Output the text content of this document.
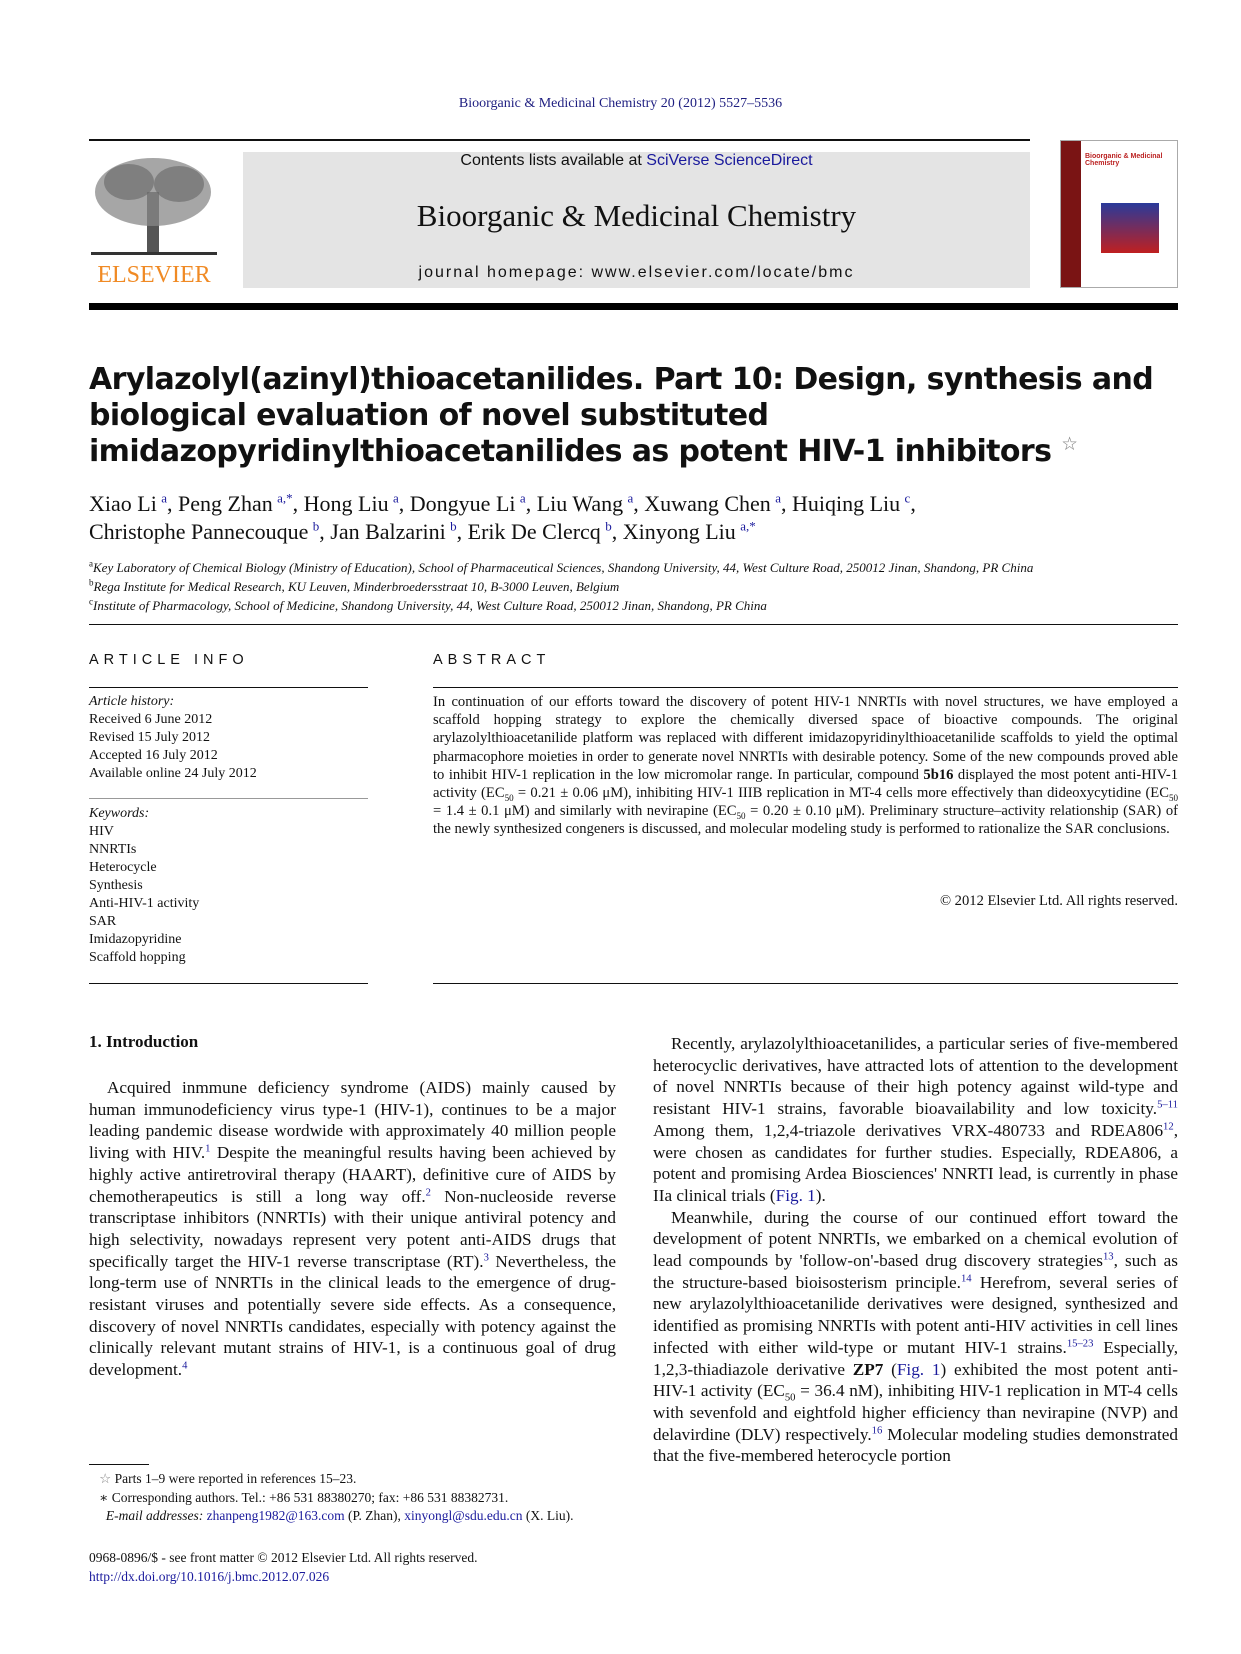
Bioorganic & Medicinal Chemistry 20 (2012) 5527–5536
ELSEVIER
Contents lists available at SciVerse ScienceDirect
Bioorganic & Medicinal Chemistry
journal homepage: www.elsevier.com/locate/bmc
Bioorganic & Medicinal Chemistry
Arylazolyl(azinyl)thioacetanilides. Part 10: Design, synthesis and biological evaluation of novel substituted imidazopyridinylthioacetanilides as potent HIV-1 inhibitors ☆
Xiao Li  $^a$, Peng Zhan  $^{a,*}$, Hong Liu  $^a$, Dongyue Li  $^a$, Liu Wang  $^a$, Xuwang Chen  $^a$, Huiqing Liu  $^c$,
Christophe Pannecouque  $^b$, Jan Balzarini  $^b$, Erik De Clercq  $^b$, Xinyong Liu  $^{a,*}$
$^a$Key Laboratory of Chemical Biology (Ministry of Education), School of Pharmaceutical Sciences, Shandong University, 44, West Culture Road, 250012 Jinan, Shandong, PR China
$^b$Rega Institute for Medical Research, KU Leuven, Minderbroedersstraat 10, B-3000 Leuven, Belgium
$^c$Institute of Pharmacology, School of Medicine, Shandong University, 44, West Culture Road, 250012 Jinan, Shandong, PR China
ARTICLE INFO	ABSTRACT
Article history:
Received 6 June 2012
Revised 15 July 2012
Accepted 16 July 2012
Available online 24 July 2012
Keywords:
HIV
NNRTIs
Heterocycle
Synthesis
Anti-HIV-1 activity
SAR
Imidazopyridine
Scaffold hopping
In continuation of our efforts toward the discovery of potent HIV-1 NNRTIs with novel structures, we have employed a scaffold hopping strategy to explore the chemically diversed space of bioactive compounds. The original arylazolylthioacetanilide platform was replaced with different imidazopyridinylthioacetanilide scaffolds to yield the optimal pharmacophore moieties in order to generate novel NNRTIs with desirable potency. Some of the new compounds proved able to inhibit HIV-1 replication in the low micromolar range. In particular, compound 5b16 displayed the most potent anti-HIV-1 activity ($EC_{50} = 0.21 \pm 0.06$ μM), inhibiting HIV-1 IIIB replication in MT-4 cells more effectively than dideoxycytidine ($EC_{50} = 1.4 \pm 0.1$ μM) and similarly with nevirapine ($EC_{50} = 0.20 \pm 0.10$ μM). Preliminary structure–activity relationship (SAR) of the newly synthesized congeners is discussed, and molecular modeling study is performed to rationalize the SAR conclusions.
© 2012 Elsevier Ltd. All rights reserved.
1. Introduction

Acquired inmmune deficiency syndrome (AIDS) mainly caused by human immunodeficiency virus type-1 (HIV-1), continues to be a major leading pandemic disease wordwide with approximately 40 million people living with HIV.$^1$ Despite the meaningful results having been achieved by highly active antiretroviral therapy (HAART), definitive cure of AIDS by chemotherapeutics is still a long way off.$^2$ Non-nucleoside reverse transcriptase inhibitors (NNRTIs) with their unique antiviral potency and high selectivity, nowadays represent very potent anti-AIDS drugs that specifically target the HIV-1 reverse transcriptase (RT).$^3$ Nevertheless, the long-term use of NNRTIs in the clinical leads to the emergence of drug-resistant viruses and potentially severe side effects. As a consequence, discovery of novel NNRTIs candidates, especially with potency against the clinically relevant mutant strains of HIV-1, is a continuous goal of drug development.$^4$

Recently, arylazolylthioacetanilides, a particular series of five-membered heterocyclic derivatives, have attracted lots of attention to the development of novel NNRTIs because of their high potency against wild-type and resistant HIV-1 strains, favorable bioavailability and low toxicity.$^{5-11}$ Among them, 1,2,4-triazole derivatives VRX-480733 and $RDEA806^{12}$, were chosen as candidates for further studies. Especially, RDEA806, a potent and promising Ardea Biosciences' NNRTI lead, is currently in phase IIa clinical trials (Fig. 1).

Meanwhile, during the course of our continued effort toward the development of potent NNRTIs, we embarked on a chemical evolution of lead compounds by 'follow-on'-based drug discovery strategies$^{13}$, such as the structure-based bioisosterism principle.$^{14}$ Herefrom, several series of new arylazolylthioacetanilide derivatives were designed, synthesized and identified as promising NNRTIs with potent anti-HIV activities in cell lines infected with either wild-type or mutant HIV-1 strains.$^{15-23}$ Especially, 1,2,3-thiadiazole derivative ZP7 (Fig. 1) exhibited the most potent anti-HIV-1 activity ($EC_{50} = 36.4$ nM), inhibiting HIV-1 replication in MT-4 cells with sevenfold and eightfold higher efficiency than nevirapine (NVP) and delavirdine (DLV) respectively.$^{16}$ Molecular modeling studies demonstrated that the five-membered heterocycle portion

☆ Parts 1–9 were reported in references 15–23.
∗ Corresponding authors. Tel.: +86 531 88380270; fax: +86 531 88382731.
E-mail addresses: zhanpeng1982@163.com (P. Zhan), xinyongl@sdu.edu.cn (X. Liu).
0968-0896/$ - see front matter © 2012 Elsevier Ltd. All rights reserved.
http://dx.doi.org/10.1016/j.bmc.2012.07.026
